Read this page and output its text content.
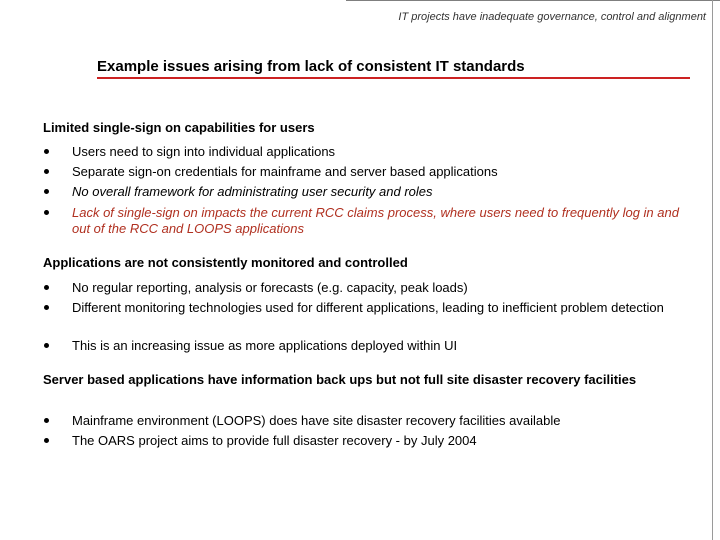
IT projects have inadequate governance, control and alignment
Example issues arising from lack of consistent IT standards
Limited single-sign on capabilities for users
Users need to sign into individual applications
Separate sign-on credentials for mainframe and server based applications
No overall framework for administrating user security and roles
Lack of single-sign on impacts the current RCC claims process, where users need to frequently log in and out of the RCC and LOOPS applications
Applications are not consistently monitored and controlled
No regular reporting, analysis or forecasts (e.g. capacity, peak loads)
Different monitoring technologies used for different applications, leading to inefficient problem detection
This is an increasing issue as more applications deployed within UI
Server based applications have information back ups but not full site disaster recovery facilities
Mainframe environment (LOOPS) does have site disaster recovery facilities available
The OARS project aims to provide full disaster recovery - by July 2004
